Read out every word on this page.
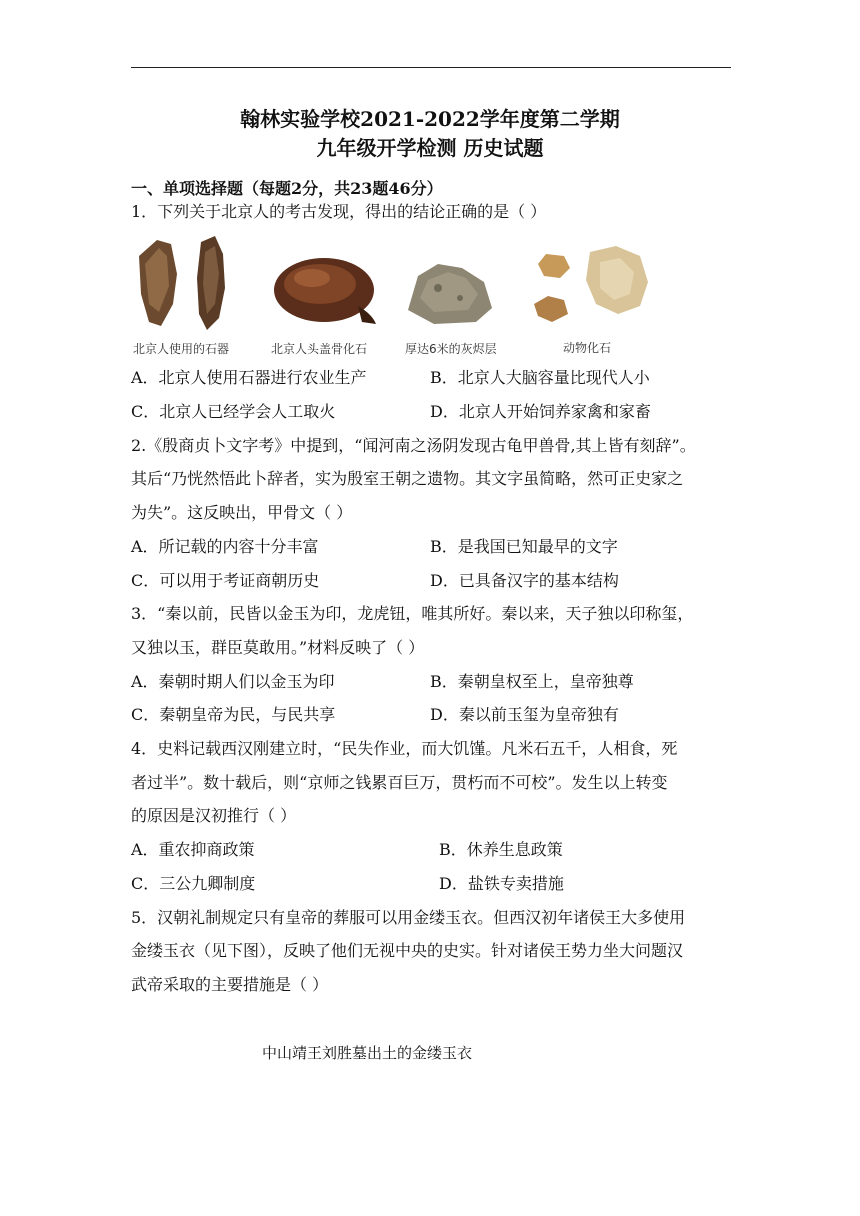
翰林实验学校2021-2022学年度第二学期
九年级开学检测 历史试题
一、单项选择题（每题2分，共23题46分）
1．下列关于北京人的考古发现，得出的结论正确的是（ ）
北京人使用的石器	北京人头盖骨化石	厚达6米的灰烬层	动物化石
A．北京人使用石器进行农业生产	B．北京人大脑容量比现代人小
C．北京人已经学会人工取火	D．北京人开始饲养家禽和家畜
2.《殷商贞卜文字考》中提到，“闻河南之汤阴发现古龟甲兽骨,其上皆有刻辞”。
其后“乃恍然悟此卜辞者，实为殷室王朝之遗物。其文字虽简略，然可正史家之
为失”。这反映出，甲骨文（ ）
A．所记载的内容十分丰富	B．是我国已知最早的文字
C．可以用于考证商朝历史	D．已具备汉字的基本结构
3．“秦以前，民皆以金玉为印，龙虎钮，唯其所好。秦以来，天子独以印称玺，
又独以玉，群臣莫敢用。”材料反映了（ ）
A．秦朝时期人们以金玉为印	B．秦朝皇权至上，皇帝独尊
C．秦朝皇帝为民，与民共享	D．秦以前玉玺为皇帝独有
4．史料记载西汉刚建立时，“民失作业，而大饥馑。凡米石五千，人相食，死
者过半”。数十载后，则“京师之钱累百巨万，贯朽而不可校”。发生以上转变
的原因是汉初推行（ ）
A．重农抑商政策	B．休养生息政策
C．三公九卿制度	D．盐铁专卖措施
5．汉朝礼制规定只有皇帝的葬服可以用金缕玉衣。但西汉初年诸侯王大多使用
金缕玉衣（见下图），反映了他们无视中央的史实。针对诸侯王势力坐大问题汉
武帝采取的主要措施是（ ）
中山靖王刘胜墓出土的金缕玉衣
